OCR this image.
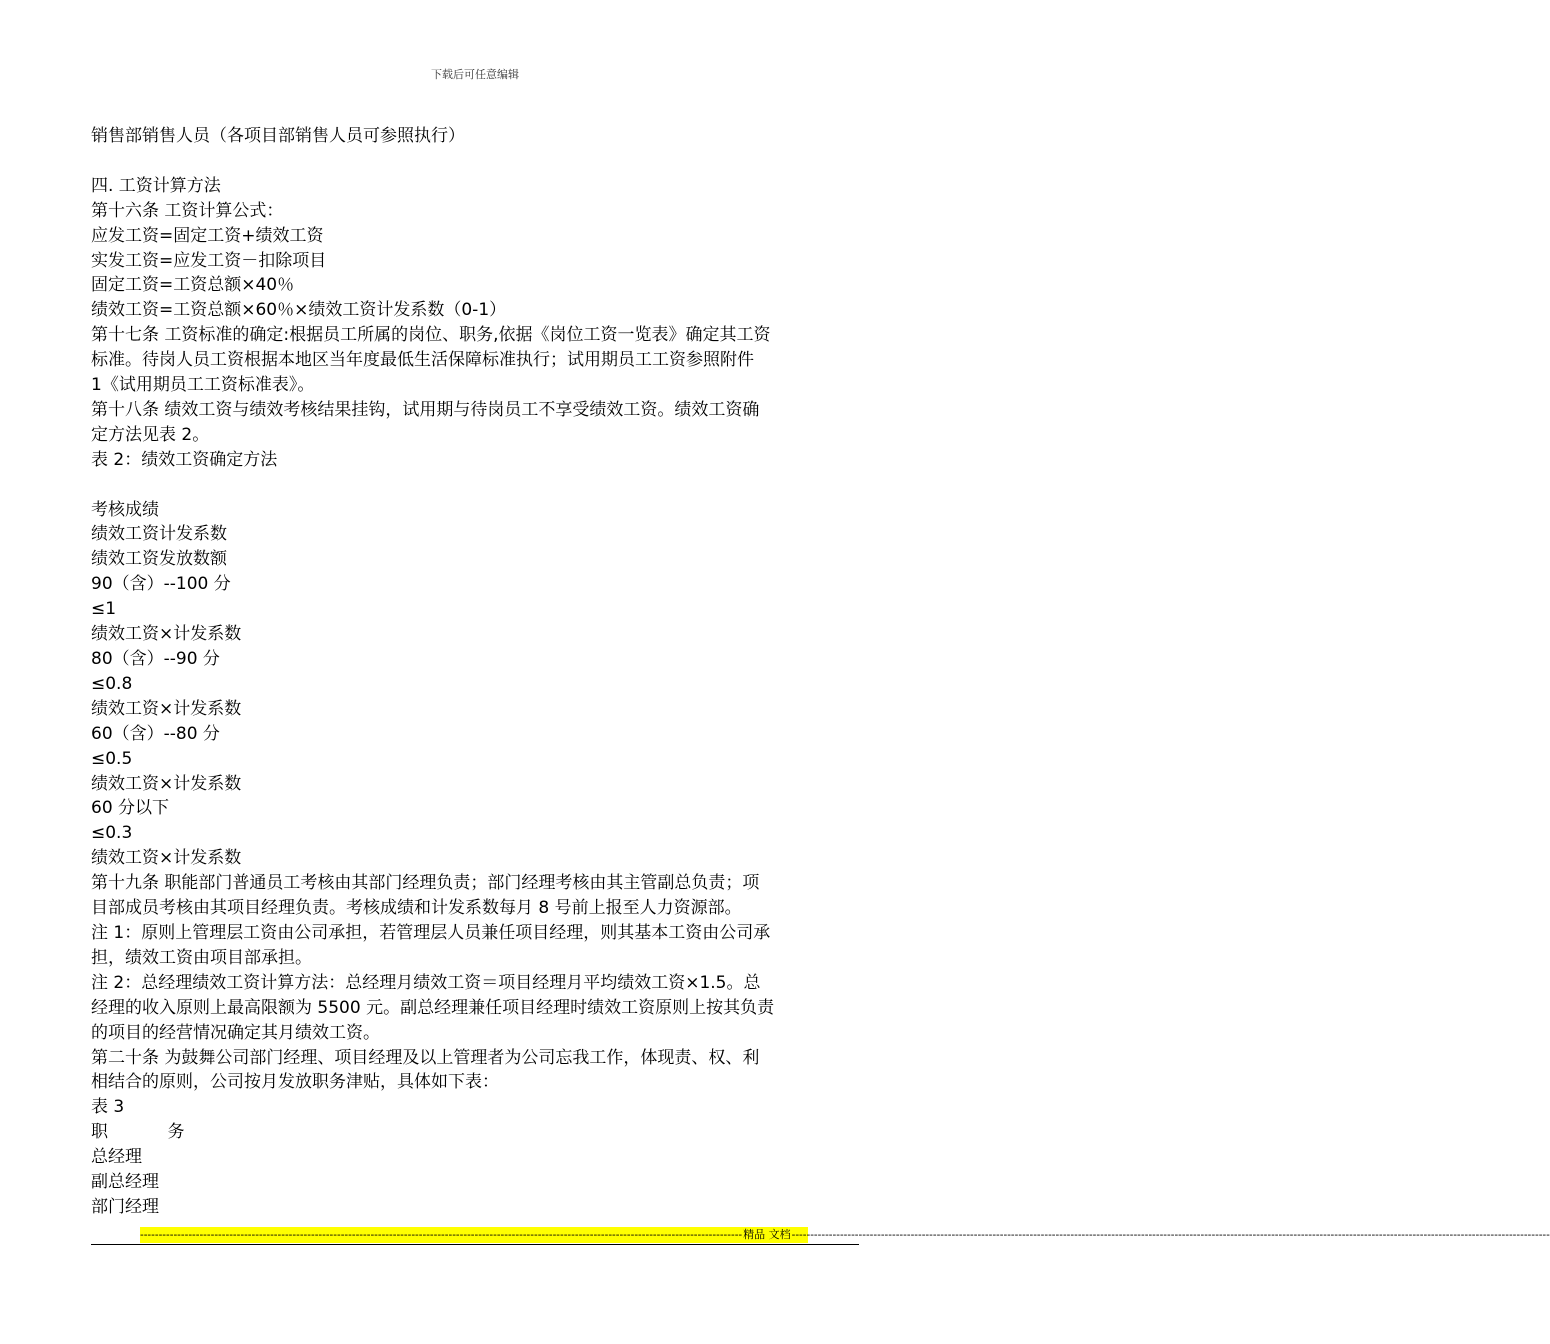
下载后可任意编辑
销售部销售人员（各项目部销售人员可参照执行）
四. 工资计算方法
第十六条 工资计算公式：
应发工资=固定工资+绩效工资
实发工资=应发工资－扣除项目
固定工资=工资总额×40％
绩效工资=工资总额×60％×绩效工资计发系数（0-1）
第十七条 工资标准的确定:根据员工所属的岗位、职务,依据《岗位工资一览表》确定其工资
标准。待岗人员工资根据本地区当年度最低生活保障标准执行；试用期员工工资参照附件
1《试用期员工工资标准表》。
第十八条 绩效工资与绩效考核结果挂钩，试用期与待岗员工不享受绩效工资。绩效工资确
定方法见表 2。
表 2：绩效工资确定方法
考核成绩
绩效工资计发系数
绩效工资发放数额
90（含）--100 分
≤1
绩效工资×计发系数
80（含）--90 分
≤0.8
绩效工资×计发系数
60（含）--80 分
≤0.5
绩效工资×计发系数
60 分以下
≤0.3
绩效工资×计发系数
第十九条 职能部门普通员工考核由其部门经理负责；部门经理考核由其主管副总负责；项
目部成员考核由其项目经理负责。考核成绩和计发系数每月 8 号前上报至人力资源部。
注 1：原则上管理层工资由公司承担，若管理层人员兼任项目经理，则其基本工资由公司承
担，绩效工资由项目部承担。
注 2：总经理绩效工资计算方法：总经理月绩效工资＝项目经理月平均绩效工资×1.5。总
经理的收入原则上最高限额为 5500 元。副总经理兼任项目经理时绩效工资原则上按其负责
的项目的经营情况确定其月绩效工资。
第二十条 为鼓舞公司部门经理、项目经理及以上管理者为公司忘我工作，体现责、权、利
相结合的原则，公司按月发放职务津贴，具体如下表：
表 3
职           务
总经理
副总经理
部门经理
------------------------------------------------------------------------------------------------------------------------------------------------------------------ 精品 文档 ------------------------------------------------------------------------------------------------------------------------------------------------------------------------------------------------------------
